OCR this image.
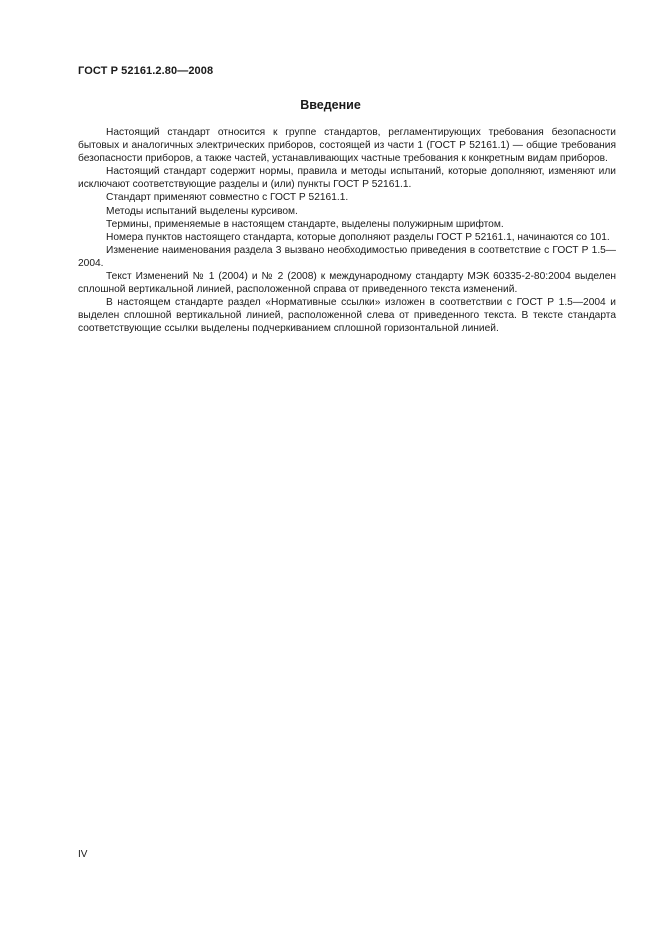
ГОСТ Р 52161.2.80—2008
Введение

Настоящий стандарт относится к группе стандартов, регламентирующих требования безопасности бытовых и аналогичных электрических приборов, состоящей из части 1 (ГОСТ Р 52161.1) — общие требования безопасности приборов, а также частей, устанавливающих частные требования к конкретным видам приборов.

Настоящий стандарт содержит нормы, правила и методы испытаний, которые дополняют, изменяют или исключают соответствующие разделы и (или) пункты ГОСТ Р 52161.1.

Стандарт применяют совместно с ГОСТ Р 52161.1.

Методы испытаний выделены курсивом.

Термины, применяемые в настоящем стандарте, выделены полужирным шрифтом.

Номера пунктов настоящего стандарта, которые дополняют разделы ГОСТ Р 52161.1, начинаются со 101.

Изменение наименования раздела 3 вызвано необходимостью приведения в соответствие с ГОСТ Р 1.5—2004.

Текст Изменений № 1 (2004) и № 2 (2008) к международному стандарту МЭК 60335-2-80:2004 выделен сплошной вертикальной линией, расположенной справа от приведенного текста изменений.

В настоящем стандарте раздел «Нормативные ссылки» изложен в соответствии с ГОСТ Р 1.5—2004 и выделен сплошной вертикальной линией, расположенной слева от приведенного текста. В тексте стандарта соответствующие ссылки выделены подчеркиванием сплошной горизонтальной линией.

IV
